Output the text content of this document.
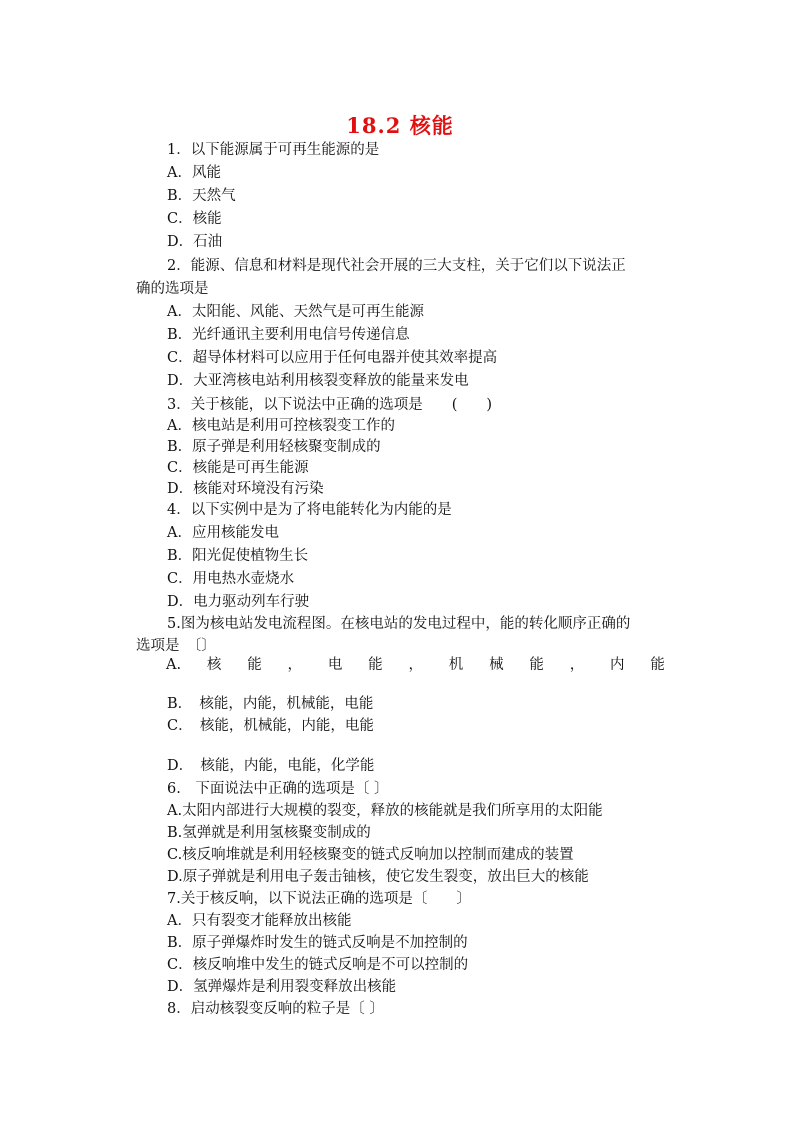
18.2 核能
1．以下能源属于可再生能源的是
A．风能
B．天然气
C．核能
D．石油
2．能源、信息和材料是现代社会开展的三大支柱，关于它们以下说法正
确的选项是
A．太阳能、风能、天然气是可再生能源
B．光纤通讯主要利用电信号传递信息
C．超导体材料可以应用于任何电器并使其效率提高
D．大亚湾核电站利用核裂变释放的能量来发电
3．关于核能，以下说法中正确的选项是　　(　　)
A．核电站是利用可控核裂变工作的
B．原子弹是利用轻核聚变制成的
C．核能是可再生能源
D．核能对环境没有污染
4．以下实例中是为了将电能转化为内能的是
A．应用核能发电
B．阳光促使植物生长
C．用电热水壶烧水
D．电力驱动列车行驶
5.图为核电站发电流程图。在核电站的发电过程中，能的转化顺序正确的
选项是　〔〕
A. 核 能 ， 电 能 ， 机 械 能 ， 内 能
B．　核能，内能，机械能，电能
C．　核能，机械能，内能，电能
D．　核能，内能，电能，化学能
6.　下面说法中正确的选项是〔 〕
A.太阳内部进行大规模的裂变，释放的核能就是我们所享用的太阳能
B.氢弹就是利用氢核聚变制成的
C.核反响堆就是利用轻核聚变的链式反响加以控制而建成的装置
D.原子弹就是利用电子轰击铀核，使它发生裂变，放出巨大的核能
7.关于核反响，以下说法正确的选项是〔　　〕
A．只有裂变才能释放出核能
B．原子弹爆炸时发生的链式反响是不加控制的
C．核反响堆中发生的链式反响是不可以控制的
D．氢弹爆炸是利用裂变释放出核能
8．启动核裂变反响的粒子是〔 〕
